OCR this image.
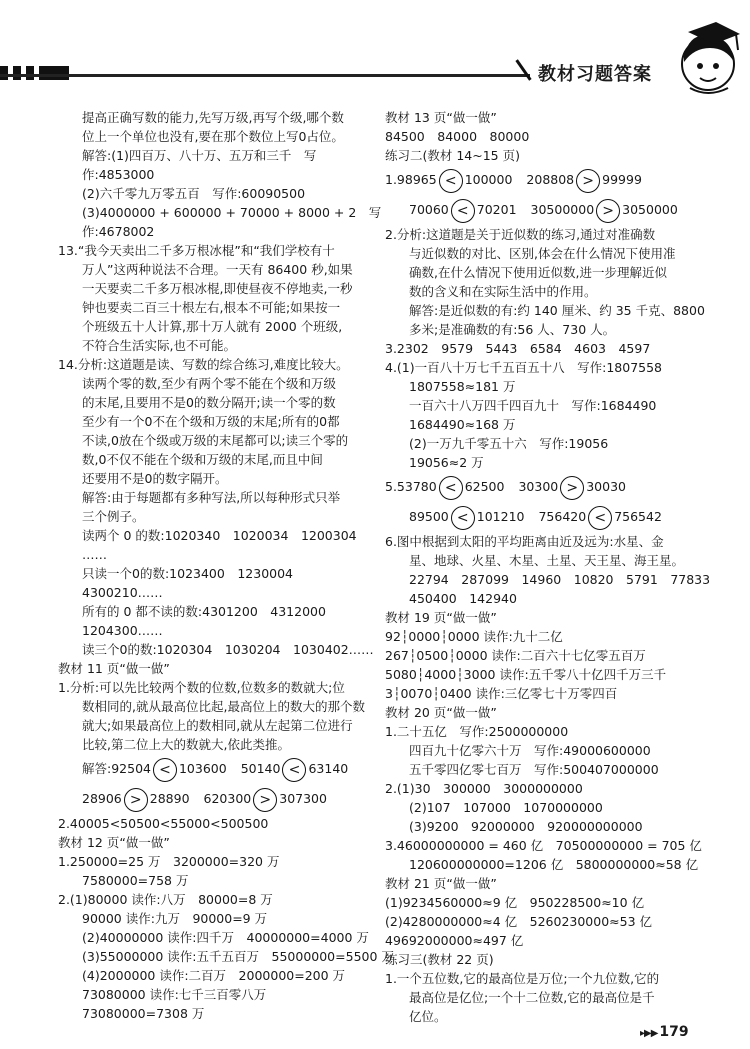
教材习题答案
提高正确写数的能力,先写万级,再写个级,哪个数
位上一个单位也没有,要在那个数位上写0占位。
解答:(1)四百万、八十万、五万和三千　写
作:4853000
(2)六千零九万零五百　写作:60090500
(3)4000000 + 600000 + 70000 + 8000 + 2　写
作:4678002
13.“我今天卖出二千多万根冰棍”和“我们学校有十
万人”这两种说法不合理。一天有 86400 秒,如果
一天要卖二千多万根冰棍,即使昼夜不停地卖,一秒
钟也要卖二百三十根左右,根本不可能;如果按一
个班级五十人计算,那十万人就有 2000 个班级,
不符合生活实际,也不可能。
14.分析:这道题是读、写数的综合练习,难度比较大。
读两个零的数,至少有两个零不能在个级和万级
的末尾,且要用不是0的数分隔开;读一个零的数
至少有一个0不在个级和万级的末尾;所有的0都
不读,0放在个级或万级的末尾都可以;读三个零的
数,0不仅不能在个级和万级的末尾,而且中间
还要用不是0的数字隔开。
解答:由于每题都有多种写法,所以每种形式只举
三个例子。
读两个 0 的数:1020340　1020034　1200304
……
只读一个0的数:1023400　1230004
4300210……
所有的 0 都不读的数:4301200　4312000
1204300……
读三个0的数:1020304　1030204　1030402……
教材 11 页“做一做”
1.分析:可以先比较两个数的位数,位数多的数就大;位
数相同的,就从最高位比起,最高位上的数大的那个数
就大;如果最高位上的数相同,就从左起第二位进行
比较,第二位上大的数就大,依此类推。
解答:92504 < 103600 50140 < 63140
28906 > 28890 620300 > 307300
2.40005<50500<55000<500500
教材 12 页“做一做”
1.250000=25 万　3200000=320 万
7580000=758 万
2.(1)80000 读作:八万　80000=8 万
90000 读作:九万　90000=9 万
(2)40000000 读作:四千万　40000000=4000 万
(3)55000000 读作:五千五百万　55000000=5500 万
(4)2000000 读作:二百万　2000000=200 万
73080000 读作:七千三百零八万
73080000=7308 万
教材 13 页“做一做”
84500　84000　80000
练习二(教材 14~15 页)
1.98965 < 100000 208808 > 99999
70060 < 70201 30500000 > 3050000
2.分析:这道题是关于近似数的练习,通过对准确数
与近似数的对比、区别,体会在什么情况下使用准
确数,在什么情况下使用近似数,进一步理解近似
数的含义和在实际生活中的作用。
解答:是近似数的有:约 140 厘米、约 35 千克、8800
多米;是准确数的有:56 人、730 人。
3.2302　9579　5443　6584　4603　4597
4.(1)一百八十万七千五百五十八　写作:1807558
1807558≈181 万
一百六十八万四千四百九十　写作:1684490
1684490≈168 万
(2)一万九千零五十六　写作:19056
19056≈2 万
5.53780 < 62500 30300 > 30030
89500 < 101210 756420 < 756542
6.图中根据到太阳的平均距离由近及远为:水星、金
星、地球、火星、木星、土星、天王星、海王星。
22794　287099　14960　10820　5791　77833
450400　142940
教材 19 页“做一做”
92┆0000┆0000 读作:九十二亿
267┆0500┆0000 读作:二百六十七亿零五百万
5080┆4000┆3000 读作:五千零八十亿四千万三千
3┆0070┆0400 读作:三亿零七十万零四百
教材 20 页“做一做”
1.二十五亿　写作:2500000000
四百九十亿零六十万　写作:49000600000
五千零四亿零七百万　写作:500407000000
2.(1)30　300000　3000000000
(2)107　107000　1070000000
(3)9200　92000000　920000000000
3.46000000000 = 460 亿　70500000000 = 705 亿
120600000000=1206 亿　5800000000≈58 亿
教材 21 页“做一做”
(1)9234560000≈9 亿　950228500≈10 亿
(2)4280000000≈4 亿　5260230000≈53 亿
49692000000≈497 亿
练习三(教材 22 页)
1.一个五位数,它的最高位是万位;一个九位数,它的
最高位是亿位;一个十二位数,它的最高位是千
亿位。
▸▶▶ 179
